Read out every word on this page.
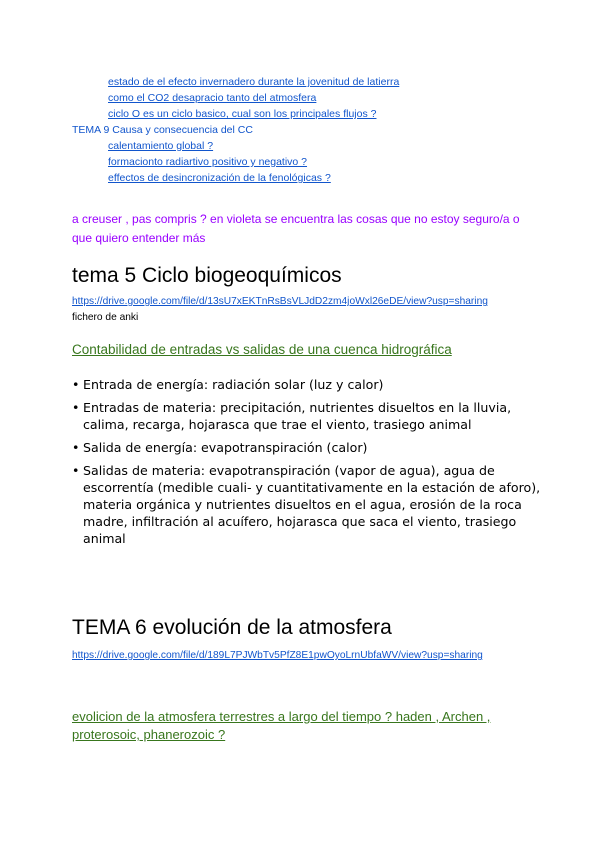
estado de el efecto invernadero durante la jovenitud de latierra
como el CO2 desapracio tanto del atmosfera
ciclo O es un ciclo basico, cual son los principales flujos ?
TEMA 9 Causa y consecuencia del CC
calentamiento global ?
formacionto radiartivo positivo y negativo ?
effectos de desincronización de la fenológicas ?
a creuser , pas compris ? en violeta se encuentra las cosas que no estoy seguro/a o que quiero entender más
tema 5 Ciclo biogeoquímicos
https://drive.google.com/file/d/13sU7xEKTnRsBsVLJdD2zm4joWxl26eDE/view?usp=sharing
fichero de anki
Contabilidad de entradas vs salidas de una cuenca hidrográfica
• Entrada de energía: radiación solar (luz y calor)
• Entradas de materia: precipitación, nutrientes disueltos en la lluvia, calima, recarga, hojarasca que trae el viento, trasiego animal
• Salida de energía: evapotranspiración (calor)
• Salidas de materia: evapotranspiración (vapor de agua), agua de escorrentía (medible cuali- y cuantitativamente en la estación de aforo), materia orgánica y nutrientes disueltos en el agua, erosión de la roca madre, infiltración al acuífero, hojarasca que saca el viento, trasiego animal
TEMA 6 evolución de la atmosfera
https://drive.google.com/file/d/189L7PJWbTv5PfZ8E1pwOyoLrnUbfaWV/view?usp=sharing
evolicion de la atmosfera terrestres a largo del tiempo ? haden , Archen , proterosoic, phanerozoic ?
